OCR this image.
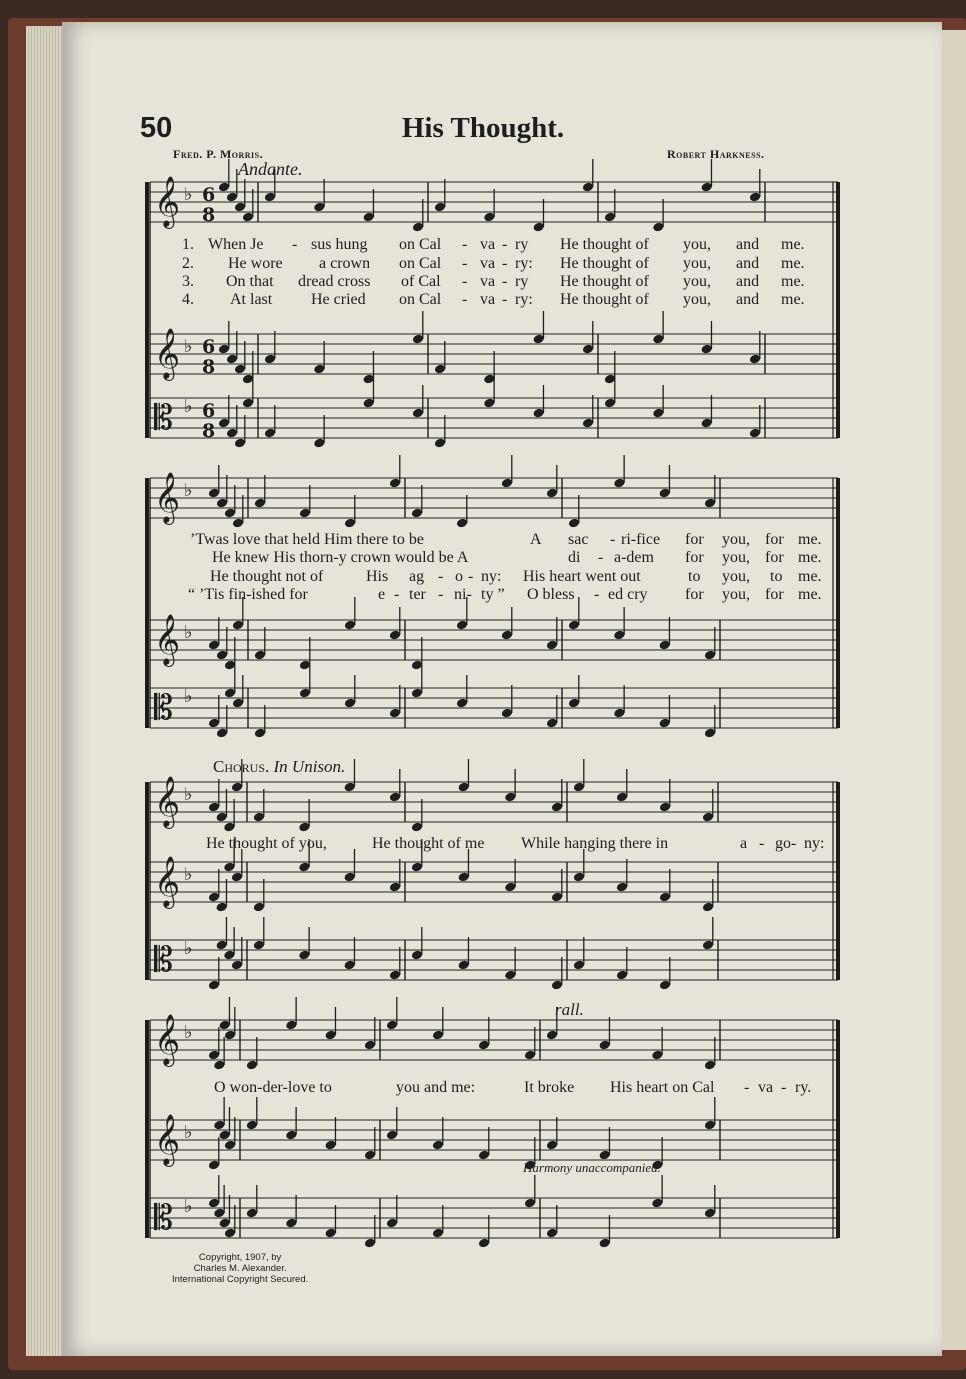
50	His Thought.
Fred. P. Morris.	Robert Harkness.
Andante.
𝄞 ♭ 6
8
𝄞 ♭ 6
8
𝄡 ♭ 6
8
𝄞 ♭
𝄞 ♭
𝄡 ♭
𝄞 ♭
𝄞 ♭
𝄡 ♭
𝄞 ♭
𝄞 ♭
𝄡 ♭
1. When Je - sus hung on Cal - va - ry He thought of you, and me.
2. He wore a crown on Cal - va - ry: He thought of you, and me.
3. On that dread cross of Cal - va - ry He thought of you, and me.
4. At last He cried on Cal - va - ry: He thought of you, and me.
’Twas love that held Him there to be	A sac - ri-fice for you, for me.
He knew His thorn-y crown would be A	di - a-dem for you, for me.
He thought not of	His ag - o - ny: His heart went out	to you, to me.
“ ’Tis fin-ished for	e - ter - ni- ty ” O bless - ed cry for you, for me.
Chorus. In Unison.
He thought of you,	He thought of me While hanging there in	a - go- ny:
rall.
O won-der-love to	you and me:	It broke His heart on Cal - va - ry.
Harmony unaccompanied.
Copyright, 1907, by
Charles M. Alexander.
International Copyright Secured.
